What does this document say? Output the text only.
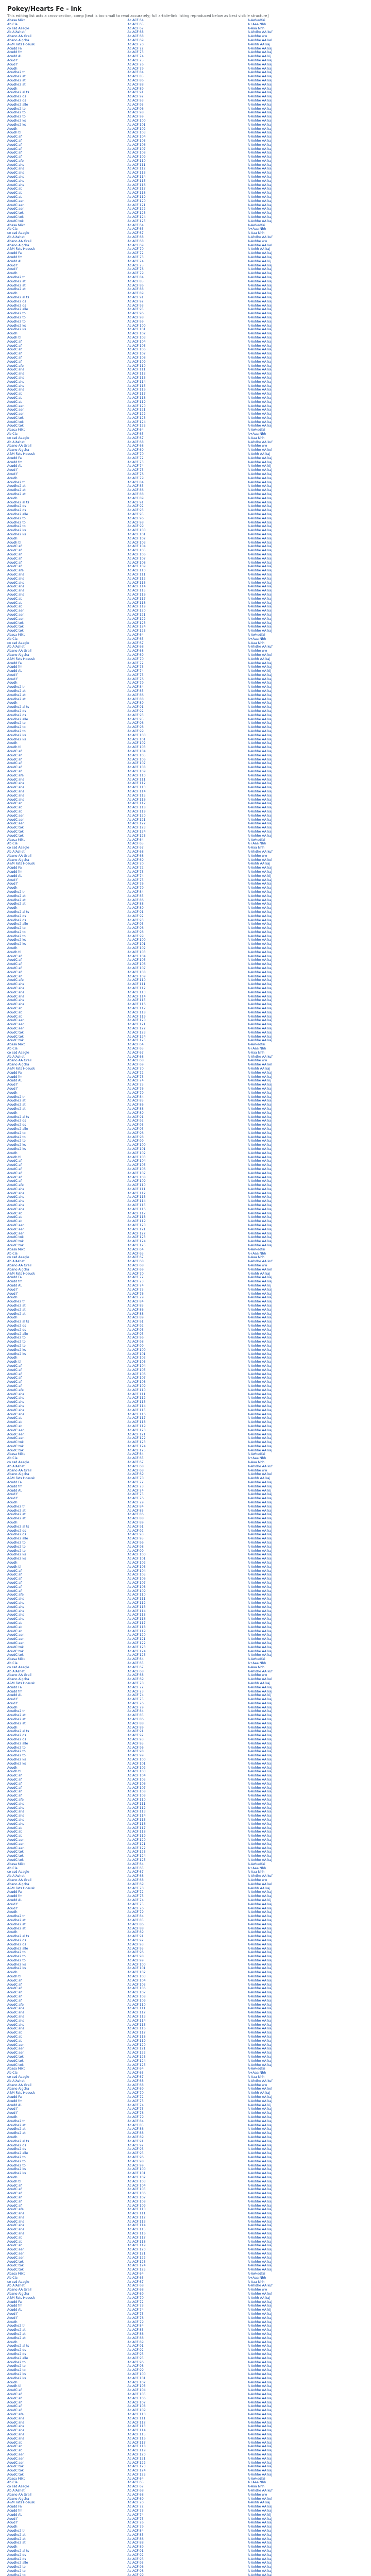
Pokey/Hearts Fe - ink
This editing list acts a cross-section, comp [text is too small to read accurately; full article-link listing reproduced below as best visible structure]
Abasa Mikt
Ab Cla
co ssd Aeagle
Ab A'Ashet
Abano AA Grail
Abano Aigcha
A&M Fats Hoeusk
Acudd Fa
Acudd fm
Acudd AL
Aoud f
Aoud f
Aoudh
Aoudhe2 tr
Aoudhe2 at
Aoudhe2 at
Aoudhe2 at
Aoudh
Aoudhe2 al ts
Aoudhe2 ds
Aoudhe2 ds
Aoudhe2 alle
Aoudhe2 to
Aoudhe2 to
Aoudhe2 to
Aoudhe2 ks
Aoudhe2 ks
Aoudh
Aoudh tl
AoudC af
AoudC af
AoudC af
AoudC af
AoudC af
AoudC af
AoudC afe
AoudC ahs
AoudC ahs
AoudC ahs
AoudC ahs
AoudC ahs
AoudC ahs
AoudC at
AoudC at
AoudC at
AoudC aen
AoudC aen
AoudC aen
AoudC tok
AoudC tok
AoudC tok
Abasa Mikt
Ab Cla
co ssd Aeagle
Ab A'Ashet
Abano AA Grail
Abano Aigcha
A&M Fats Hoeusk
Acudd Fa
Acudd fm
Acudd AL
Aoud f
Aoud f
Aoudh
Aoudhe2 tr
Aoudhe2 at
Aoudhe2 at
Aoudhe2 at
Aoudh
Aoudhe2 al ts
Aoudhe2 ds
Aoudhe2 ds
Aoudhe2 alle
Aoudhe2 to
Aoudhe2 to
Aoudhe2 to
Aoudhe2 ks
Aoudhe2 ks
Aoudh
Aoudh tl
AoudC af
AoudC af
AoudC af
AoudC af
AoudC af
AoudC af
AoudC afe
AoudC ahs
AoudC ahs
AoudC ahs
AoudC ahs
AoudC ahs
AoudC ahs
AoudC at
AoudC at
AoudC at
AoudC aen
AoudC aen
AoudC aen
AoudC tok
AoudC tok
AoudC tok
Abasa Mikt
Ab Cla
co ssd Aeagle
Ab A'Ashet
Abano AA Grail
Abano Aigcha
A&M Fats Hoeusk
Acudd Fa
Acudd fm
Acudd AL
Aoud f
Aoud f
Aoudh
Aoudhe2 tr
Aoudhe2 at
Aoudhe2 at
Aoudhe2 at
Aoudh
Aoudhe2 al ts
Aoudhe2 ds
Aoudhe2 ds
Aoudhe2 alle
Aoudhe2 to
Aoudhe2 to
Aoudhe2 to
Aoudhe2 ks
Aoudhe2 ks
Aoudh
Aoudh tl
AoudC af
AoudC af
AoudC af
AoudC af
AoudC af
AoudC af
AoudC afe
AoudC ahs
AoudC ahs
AoudC ahs
AoudC ahs
AoudC ahs
AoudC ahs
AoudC at
AoudC at
AoudC at
AoudC aen
AoudC aen
AoudC aen
AoudC tok
AoudC tok
AoudC tok
Abasa Mikt
Ab Cla
co ssd Aeagle
Ab A'Ashet
Abano AA Grail
Abano Aigcha
A&M Fats Hoeusk
Acudd Fa
Acudd fm
Acudd AL
Aoud f
Aoud f
Aoudh
Aoudhe2 tr
Aoudhe2 at
Aoudhe2 at
Aoudhe2 at
Aoudh
Aoudhe2 al ts
Aoudhe2 ds
Aoudhe2 ds
Aoudhe2 alle
Aoudhe2 to
Aoudhe2 to
Aoudhe2 to
Aoudhe2 ks
Aoudhe2 ks
Aoudh
Aoudh tl
AoudC af
AoudC af
AoudC af
AoudC af
AoudC af
AoudC af
AoudC afe
AoudC ahs
AoudC ahs
AoudC ahs
AoudC ahs
AoudC ahs
AoudC ahs
AoudC at
AoudC at
AoudC at
AoudC aen
AoudC aen
AoudC aen
AoudC tok
AoudC tok
AoudC tok
Abasa Mikt
Ab Cla
co ssd Aeagle
Ab A'Ashet
Abano AA Grail
Abano Aigcha
A&M Fats Hoeusk
Acudd Fa
Acudd fm
Acudd AL
Aoud f
Aoud f
Aoudh
Aoudhe2 tr
Aoudhe2 at
Aoudhe2 at
Aoudhe2 at
Aoudh
Aoudhe2 al ts
Aoudhe2 ds
Aoudhe2 ds
Aoudhe2 alle
Aoudhe2 to
Aoudhe2 to
Aoudhe2 to
Aoudhe2 ks
Aoudhe2 ks
Aoudh
Aoudh tl
AoudC af
AoudC af
AoudC af
AoudC af
AoudC af
AoudC af
AoudC afe
AoudC ahs
AoudC ahs
AoudC ahs
AoudC ahs
AoudC ahs
AoudC ahs
AoudC at
AoudC at
AoudC at
AoudC aen
AoudC aen
AoudC aen
AoudC tok
AoudC tok
AoudC tok
Abasa Mikt
Ab Cla
co ssd Aeagle
Ab A'Ashet
Abano AA Grail
Abano Aigcha
A&M Fats Hoeusk
Acudd Fa
Acudd fm
Acudd AL
Aoud f
Aoud f
Aoudh
Aoudhe2 tr
Aoudhe2 at
Aoudhe2 at
Aoudhe2 at
Aoudh
Aoudhe2 al ts
Aoudhe2 ds
Aoudhe2 ds
Aoudhe2 alle
Aoudhe2 to
Aoudhe2 to
Aoudhe2 to
Aoudhe2 ks
Aoudhe2 ks
Aoudh
Aoudh tl
AoudC af
AoudC af
AoudC af
AoudC af
AoudC af
AoudC af
AoudC afe
AoudC ahs
AoudC ahs
AoudC ahs
AoudC ahs
AoudC ahs
AoudC ahs
AoudC at
AoudC at
AoudC at
AoudC aen
AoudC aen
AoudC aen
AoudC tok
AoudC tok
AoudC tok
Abasa Mikt
Ab Cla
co ssd Aeagle
Ab A'Ashet
Abano AA Grail
Abano Aigcha
A&M Fats Hoeusk
Acudd Fa
Acudd fm
Acudd AL
Aoud f
Aoud f
Aoudh
Aoudhe2 tr
Aoudhe2 at
Aoudhe2 at
Aoudhe2 at
Aoudh
Aoudhe2 al ts
Aoudhe2 ds
Aoudhe2 ds
Aoudhe2 alle
Aoudhe2 to
Aoudhe2 to
Aoudhe2 to
Aoudhe2 ks
Aoudhe2 ks
Aoudh
Aoudh tl
AoudC af
AoudC af
AoudC af
AoudC af
AoudC af
AoudC af
AoudC afe
AoudC ahs
AoudC ahs
AoudC ahs
AoudC ahs
AoudC ahs
AoudC ahs
AoudC at
AoudC at
AoudC at
AoudC aen
AoudC aen
AoudC aen
AoudC tok
AoudC tok
AoudC tok
Abasa Mikt
Ab Cla
co ssd Aeagle
Ab A'Ashet
Abano AA Grail
Abano Aigcha
A&M Fats Hoeusk
Acudd Fa
Acudd fm
Acudd AL
Aoud f
Aoud f
Aoudh
Aoudhe2 tr
Aoudhe2 at
Aoudhe2 at
Aoudhe2 at
Aoudh
Aoudhe2 al ts
Aoudhe2 ds
Aoudhe2 ds
Aoudhe2 alle
Aoudhe2 to
Aoudhe2 to
Aoudhe2 to
Aoudhe2 ks
Aoudhe2 ks
Aoudh
Aoudh tl
AoudC af
AoudC af
AoudC af
AoudC af
AoudC af
AoudC af
AoudC afe
AoudC ahs
AoudC ahs
AoudC ahs
AoudC ahs
AoudC ahs
AoudC ahs
AoudC at
AoudC at
AoudC at
AoudC aen
AoudC aen
AoudC aen
AoudC tok
AoudC tok
AoudC tok
Abasa Mikt
Ab Cla
co ssd Aeagle
Ab A'Ashet
Abano AA Grail
Abano Aigcha
A&M Fats Hoeusk
Acudd Fa
Acudd fm
Acudd AL
Aoud f
Aoud f
Aoudh
Aoudhe2 tr
Aoudhe2 at
Aoudhe2 at
Aoudhe2 at
Aoudh
Aoudhe2 al ts
Aoudhe2 ds
Aoudhe2 ds
Aoudhe2 alle
Aoudhe2 to
Aoudhe2 to
Aoudhe2 to
Aoudhe2 ks
Aoudhe2 ks
Aoudh
Aoudh tl
AoudC af
AoudC af
AoudC af
AoudC af
AoudC af
AoudC af
AoudC afe
AoudC ahs
AoudC ahs
AoudC ahs
AoudC ahs
AoudC ahs
AoudC ahs
AoudC at
AoudC at
AoudC at
AoudC aen
AoudC aen
AoudC aen
AoudC tok
AoudC tok
AoudC tok
Abasa Mikt
Ab Cla
co ssd Aeagle
Ab A'Ashet
Abano AA Grail
Abano Aigcha
A&M Fats Hoeusk
Acudd Fa
Acudd fm
Acudd AL
Aoud f
Aoud f
Aoudh
Aoudhe2 tr
Aoudhe2 at
Aoudhe2 at
Aoudhe2 at
Aoudh
Aoudhe2 al ts
Aoudhe2 ds
Aoudhe2 ds
Aoudhe2 alle
Aoudhe2 to
Aoudhe2 to
Aoudhe2 to
Aoudhe2 ks
Aoudhe2 ks
Aoudh
Aoudh tl
AoudC af
AoudC af
AoudC af
AoudC af
AoudC af
AoudC af
AoudC afe
AoudC ahs
AoudC ahs
AoudC ahs
AoudC ahs
AoudC ahs
AoudC ahs
AoudC at
AoudC at
AoudC at
AoudC aen
AoudC aen
AoudC aen
AoudC tok
AoudC tok
AoudC tok
Abasa Mikt
Ab Cla
co ssd Aeagle
Ab A'Ashet
Abano AA Grail
Abano Aigcha
A&M Fats Hoeusk
Acudd Fa
Acudd fm
Acudd AL
Aoud f
Aoud f
Aoudh
Aoudhe2 tr
Aoudhe2 at
Aoudhe2 at
Aoudhe2 at
Aoudh
Aoudhe2 al ts
Aoudhe2 ds
Aoudhe2 ds
Aoudhe2 alle
Aoudhe2 to
Aoudhe2 to
Aoudhe2 to
Aoudhe2 ks
Aoudhe2 ks
Aoudh
Aoudh tl
AoudC af
AoudC af
AoudC af
AoudC af
AoudC af
AoudC af
AoudC afe
AoudC ahs
AoudC ahs
AoudC ahs
AoudC ahs
AoudC ahs
AoudC ahs
AoudC at
AoudC at
AoudC at
AoudC aen
AoudC aen
AoudC aen
AoudC tok
AoudC tok
AoudC tok
Abasa Mikt
Ab Cla
co ssd Aeagle
Ab A'Ashet
Abano AA Grail
Abano Aigcha
A&M Fats Hoeusk
Acudd Fa
Acudd fm
Acudd AL
Aoud f
Aoud f
Aoudh
Aoudhe2 tr
Aoudhe2 at
Aoudhe2 at
Aoudhe2 at
Aoudh
Aoudhe2 al ts
Aoudhe2 ds
Aoudhe2 ds
Aoudhe2 alle
Aoudhe2 to
Aoudhe2 to
Aoudhe2 to
Aoudhe2 ks
Aoudhe2 ks
Aoudh
Aoudh tl
AoudC af
AoudC af
AoudC af
AoudC af
AoudC af
AoudC af
AoudC afe
AoudC ahs
AoudC ahs
AoudC ahs
AoudC ahs
AoudC ahs
AoudC ahs
AoudC at
AoudC at
AoudC at
AoudC aen
AoudC aen
AoudC aen
AoudC tok
AoudC tok
AoudC tok
Abasa Mikt
Ab Cla
co ssd Aeagle
Ab A'Ashet
Abano AA Grail
Abano Aigcha
A&M Fats Hoeusk
Acudd Fa
Acudd fm
Acudd AL
Aoud f
Aoud f
Aoudh
Aoudhe2 tr
Aoudhe2 at
Aoudhe2 at
Aoudhe2 at
Aoudh
Aoudhe2 al ts
Aoudhe2 ds
Aoudhe2 ds
Aoudhe2 alle
Aoudhe2 to
Aoudhe2 to
Aoudhe2 to
Ac ACF 64
Ac ACF 65
Ac ACF 67
Ac ACF 68
Ac ACF 68
Ac ACF 69
Ac ACF 70
Ac ACF 72
Ac ACF 73
Ac ACF 74
Ac ACF 75
Ac ACF 76
Ac ACF 79
Ac ACF 84
Ac ACF 85
Ac ACF 86
Ac ACF 88
Ac ACF 89
Ac ACF 91
Ac ACF 92
Ac ACF 93
Ac ACF 95
Ac ACF 96
Ac ACF 98
Ac ACF 99
Ac ACF 100
Ac ACF 101
Ac ACF 102
Ac ACF 103
Ac ACF 104
Ac ACF 105
Ac ACF 106
Ac ACF 107
Ac ACF 108
Ac ACF 109
Ac ACF 110
Ac ACF 111
Ac ACF 112
Ac ACF 113
Ac ACF 114
Ac ACF 115
Ac ACF 116
Ac ACF 117
Ac ACF 118
Ac ACF 119
Ac ACF 120
Ac ACF 121
Ac ACF 122
Ac ACF 123
Ac ACF 124
Ac ACF 125
Ac ACF 64
Ac ACF 65
Ac ACF 67
Ac ACF 68
Ac ACF 68
Ac ACF 69
Ac ACF 70
Ac ACF 72
Ac ACF 73
Ac ACF 74
Ac ACF 75
Ac ACF 76
Ac ACF 79
Ac ACF 84
Ac ACF 85
Ac ACF 86
Ac ACF 88
Ac ACF 89
Ac ACF 91
Ac ACF 92
Ac ACF 93
Ac ACF 95
Ac ACF 96
Ac ACF 98
Ac ACF 99
Ac ACF 100
Ac ACF 101
Ac ACF 102
Ac ACF 103
Ac ACF 104
Ac ACF 105
Ac ACF 106
Ac ACF 107
Ac ACF 108
Ac ACF 109
Ac ACF 110
Ac ACF 111
Ac ACF 112
Ac ACF 113
Ac ACF 114
Ac ACF 115
Ac ACF 116
Ac ACF 117
Ac ACF 118
Ac ACF 119
Ac ACF 120
Ac ACF 121
Ac ACF 122
Ac ACF 123
Ac ACF 124
Ac ACF 125
Ac ACF 64
Ac ACF 65
Ac ACF 67
Ac ACF 68
Ac ACF 68
Ac ACF 69
Ac ACF 70
Ac ACF 72
Ac ACF 73
Ac ACF 74
Ac ACF 75
Ac ACF 76
Ac ACF 79
Ac ACF 84
Ac ACF 85
Ac ACF 86
Ac ACF 88
Ac ACF 89
Ac ACF 91
Ac ACF 92
Ac ACF 93
Ac ACF 95
Ac ACF 96
Ac ACF 98
Ac ACF 99
Ac ACF 100
Ac ACF 101
Ac ACF 102
Ac ACF 103
Ac ACF 104
Ac ACF 105
Ac ACF 106
Ac ACF 107
Ac ACF 108
Ac ACF 109
Ac ACF 110
Ac ACF 111
Ac ACF 112
Ac ACF 113
Ac ACF 114
Ac ACF 115
Ac ACF 116
Ac ACF 117
Ac ACF 118
Ac ACF 119
Ac ACF 120
Ac ACF 121
Ac ACF 122
Ac ACF 123
Ac ACF 124
Ac ACF 125
Ac ACF 64
Ac ACF 65
Ac ACF 67
Ac ACF 68
Ac ACF 68
Ac ACF 69
Ac ACF 70
Ac ACF 72
Ac ACF 73
Ac ACF 74
Ac ACF 75
Ac ACF 76
Ac ACF 79
Ac ACF 84
Ac ACF 85
Ac ACF 86
Ac ACF 88
Ac ACF 89
Ac ACF 91
Ac ACF 92
Ac ACF 93
Ac ACF 95
Ac ACF 96
Ac ACF 98
Ac ACF 99
Ac ACF 100
Ac ACF 101
Ac ACF 102
Ac ACF 103
Ac ACF 104
Ac ACF 105
Ac ACF 106
Ac ACF 107
Ac ACF 108
Ac ACF 109
Ac ACF 110
Ac ACF 111
Ac ACF 112
Ac ACF 113
Ac ACF 114
Ac ACF 115
Ac ACF 116
Ac ACF 117
Ac ACF 118
Ac ACF 119
Ac ACF 120
Ac ACF 121
Ac ACF 122
Ac ACF 123
Ac ACF 124
Ac ACF 125
Ac ACF 64
Ac ACF 65
Ac ACF 67
Ac ACF 68
Ac ACF 68
Ac ACF 69
Ac ACF 70
Ac ACF 72
Ac ACF 73
Ac ACF 74
Ac ACF 75
Ac ACF 76
Ac ACF 79
Ac ACF 84
Ac ACF 85
Ac ACF 86
Ac ACF 88
Ac ACF 89
Ac ACF 91
Ac ACF 92
Ac ACF 93
Ac ACF 95
Ac ACF 96
Ac ACF 98
Ac ACF 99
Ac ACF 100
Ac ACF 101
Ac ACF 102
Ac ACF 103
Ac ACF 104
Ac ACF 105
Ac ACF 106
Ac ACF 107
Ac ACF 108
Ac ACF 109
Ac ACF 110
Ac ACF 111
Ac ACF 112
Ac ACF 113
Ac ACF 114
Ac ACF 115
Ac ACF 116
Ac ACF 117
Ac ACF 118
Ac ACF 119
Ac ACF 120
Ac ACF 121
Ac ACF 122
Ac ACF 123
Ac ACF 124
Ac ACF 125
Ac ACF 64
Ac ACF 65
Ac ACF 67
Ac ACF 68
Ac ACF 68
Ac ACF 69
Ac ACF 70
Ac ACF 72
Ac ACF 73
Ac ACF 74
Ac ACF 75
Ac ACF 76
Ac ACF 79
Ac ACF 84
Ac ACF 85
Ac ACF 86
Ac ACF 88
Ac ACF 89
Ac ACF 91
Ac ACF 92
Ac ACF 93
Ac ACF 95
Ac ACF 96
Ac ACF 98
Ac ACF 99
Ac ACF 100
Ac ACF 101
Ac ACF 102
Ac ACF 103
Ac ACF 104
Ac ACF 105
Ac ACF 106
Ac ACF 107
Ac ACF 108
Ac ACF 109
Ac ACF 110
Ac ACF 111
Ac ACF 112
Ac ACF 113
Ac ACF 114
Ac ACF 115
Ac ACF 116
Ac ACF 117
Ac ACF 118
Ac ACF 119
Ac ACF 120
Ac ACF 121
Ac ACF 122
Ac ACF 123
Ac ACF 124
Ac ACF 125
Ac ACF 64
Ac ACF 65
Ac ACF 67
Ac ACF 68
Ac ACF 68
Ac ACF 69
Ac ACF 70
Ac ACF 72
Ac ACF 73
Ac ACF 74
Ac ACF 75
Ac ACF 76
Ac ACF 79
Ac ACF 84
Ac ACF 85
Ac ACF 86
Ac ACF 88
Ac ACF 89
Ac ACF 91
Ac ACF 92
Ac ACF 93
Ac ACF 95
Ac ACF 96
Ac ACF 98
Ac ACF 99
Ac ACF 100
Ac ACF 101
Ac ACF 102
Ac ACF 103
Ac ACF 104
Ac ACF 105
Ac ACF 106
Ac ACF 107
Ac ACF 108
Ac ACF 109
Ac ACF 110
Ac ACF 111
Ac ACF 112
Ac ACF 113
Ac ACF 114
Ac ACF 115
Ac ACF 116
Ac ACF 117
Ac ACF 118
Ac ACF 119
Ac ACF 120
Ac ACF 121
Ac ACF 122
Ac ACF 123
Ac ACF 124
Ac ACF 125
Ac ACF 64
Ac ACF 65
Ac ACF 67
Ac ACF 68
Ac ACF 68
Ac ACF 69
Ac ACF 70
Ac ACF 72
Ac ACF 73
Ac ACF 74
Ac ACF 75
Ac ACF 76
Ac ACF 79
Ac ACF 84
Ac ACF 85
Ac ACF 86
Ac ACF 88
Ac ACF 89
Ac ACF 91
Ac ACF 92
Ac ACF 93
Ac ACF 95
Ac ACF 96
Ac ACF 98
Ac ACF 99
Ac ACF 100
Ac ACF 101
Ac ACF 102
Ac ACF 103
Ac ACF 104
Ac ACF 105
Ac ACF 106
Ac ACF 107
Ac ACF 108
Ac ACF 109
Ac ACF 110
Ac ACF 111
Ac ACF 112
Ac ACF 113
Ac ACF 114
Ac ACF 115
Ac ACF 116
Ac ACF 117
Ac ACF 118
Ac ACF 119
Ac ACF 120
Ac ACF 121
Ac ACF 122
Ac ACF 123
Ac ACF 124
Ac ACF 125
Ac ACF 64
Ac ACF 65
Ac ACF 67
Ac ACF 68
Ac ACF 68
Ac ACF 69
Ac ACF 70
Ac ACF 72
Ac ACF 73
Ac ACF 74
Ac ACF 75
Ac ACF 76
Ac ACF 79
Ac ACF 84
Ac ACF 85
Ac ACF 86
Ac ACF 88
Ac ACF 89
Ac ACF 91
Ac ACF 92
Ac ACF 93
Ac ACF 95
Ac ACF 96
Ac ACF 98
Ac ACF 99
Ac ACF 100
Ac ACF 101
Ac ACF 102
Ac ACF 103
Ac ACF 104
Ac ACF 105
Ac ACF 106
Ac ACF 107
Ac ACF 108
Ac ACF 109
Ac ACF 110
Ac ACF 111
Ac ACF 112
Ac ACF 113
Ac ACF 114
Ac ACF 115
Ac ACF 116
Ac ACF 117
Ac ACF 118
Ac ACF 119
Ac ACF 120
Ac ACF 121
Ac ACF 122
Ac ACF 123
Ac ACF 124
Ac ACF 125
Ac ACF 64
Ac ACF 65
Ac ACF 67
Ac ACF 68
Ac ACF 68
Ac ACF 69
Ac ACF 70
Ac ACF 72
Ac ACF 73
Ac ACF 74
Ac ACF 75
Ac ACF 76
Ac ACF 79
Ac ACF 84
Ac ACF 85
Ac ACF 86
Ac ACF 88
Ac ACF 89
Ac ACF 91
Ac ACF 92
Ac ACF 93
Ac ACF 95
Ac ACF 96
Ac ACF 98
Ac ACF 99
Ac ACF 100
Ac ACF 101
Ac ACF 102
Ac ACF 103
Ac ACF 104
Ac ACF 105
Ac ACF 106
Ac ACF 107
Ac ACF 108
Ac ACF 109
Ac ACF 110
Ac ACF 111
Ac ACF 112
Ac ACF 113
Ac ACF 114
Ac ACF 115
Ac ACF 116
Ac ACF 117
Ac ACF 118
Ac ACF 119
Ac ACF 120
Ac ACF 121
Ac ACF 122
Ac ACF 123
Ac ACF 124
Ac ACF 125
Ac ACF 64
Ac ACF 65
Ac ACF 67
Ac ACF 68
Ac ACF 68
Ac ACF 69
Ac ACF 70
Ac ACF 72
Ac ACF 73
Ac ACF 74
Ac ACF 75
Ac ACF 76
Ac ACF 79
Ac ACF 84
Ac ACF 85
Ac ACF 86
Ac ACF 88
Ac ACF 89
Ac ACF 91
Ac ACF 92
Ac ACF 93
Ac ACF 95
Ac ACF 96
Ac ACF 98
Ac ACF 99
Ac ACF 100
Ac ACF 101
Ac ACF 102
Ac ACF 103
Ac ACF 104
Ac ACF 105
Ac ACF 106
Ac ACF 107
Ac ACF 108
Ac ACF 109
Ac ACF 110
Ac ACF 111
Ac ACF 112
Ac ACF 113
Ac ACF 114
Ac ACF 115
Ac ACF 116
Ac ACF 117
Ac ACF 118
Ac ACF 119
Ac ACF 120
Ac ACF 121
Ac ACF 122
Ac ACF 123
Ac ACF 124
Ac ACF 125
Ac ACF 64
Ac ACF 65
Ac ACF 67
Ac ACF 68
Ac ACF 68
Ac ACF 69
Ac ACF 70
Ac ACF 72
Ac ACF 73
Ac ACF 74
Ac ACF 75
Ac ACF 76
Ac ACF 79
Ac ACF 84
Ac ACF 85
Ac ACF 86
Ac ACF 88
Ac ACF 89
Ac ACF 91
Ac ACF 92
Ac ACF 93
Ac ACF 95
Ac ACF 96
Ac ACF 98
Ac ACF 99
Ac ACF 100
Ac ACF 101
Ac ACF 102
Ac ACF 103
Ac ACF 104
Ac ACF 105
Ac ACF 106
Ac ACF 107
Ac ACF 108
Ac ACF 109
Ac ACF 110
Ac ACF 111
Ac ACF 112
Ac ACF 113
Ac ACF 114
Ac ACF 115
Ac ACF 116
Ac ACF 117
Ac ACF 118
Ac ACF 119
Ac ACF 120
Ac ACF 121
Ac ACF 122
Ac ACF 123
Ac ACF 124
Ac ACF 125
Ac ACF 64
Ac ACF 65
Ac ACF 67
Ac ACF 68
Ac ACF 68
Ac ACF 69
Ac ACF 70
Ac ACF 72
Ac ACF 73
Ac ACF 74
Ac ACF 75
Ac ACF 76
Ac ACF 79
Ac ACF 84
Ac ACF 85
Ac ACF 86
Ac ACF 88
Ac ACF 89
Ac ACF 91
Ac ACF 92
Ac ACF 93
Ac ACF 95
Ac ACF 96
Ac ACF 98
Ac ACF 99
A-Awkedfai
A+Aaa Nhh
A-Aaa Nhh
A-Ahdhe AA kuf
A-Aohhe ww
A-Aohhe AA kel
A-Aohh AA kaj
A-Aohhe AA kaj
A-Aohhe AA kaj
A-Aohhe AA kij
A-Aohhe AA kaj
A-Aohhe AA kaj
A-Aohhe AA kaj
A-Aohhe AA kaj
A-Aohhe AA kaj
A-Aohhe AA kaj
A-Aohhe AA kaj
A-Aohhe AA kaj
A-Aohhe AA kaj
A-Aohhe AA kaj
A-Aohhe AA kaj
A-Aohhe AA kaj
A-Aohhe AA kaj
A-Aohhe AA kaj
A-Aohhe AA kaj
A-Aohhe AA kaj
A-Aohhe AA kaj
A-Aohhe AA kaj
A-Aohhe AA kaj
A-Aohhe AA kaj
A-Aohhe AA kaj
A-Aohhe AA kaj
A-Aohhe AA kaj
A-Aohhe AA kaj
A-Aohhe AA kaj
A-Aohhe AA kaj
A-Aohhe AA kaj
A-Aohhe AA kaj
A-Aohhe AA kaj
A-Aohhe AA kaj
A-Aohhe AA kaj
A-Aohhe AA kaj
A-Aohhe AA kaj
A-Aohhe AA kaj
A-Aohhe AA kaj
A-Aohhe AA kaj
A-Aohhe AA kaj
A-Aohhe AA kaj
A-Aohhe AA kaj
A-Aohhe AA kaj
A-Aohhe AA kaj
A-Awkedfai
A+Aaa Nhh
A-Aaa Nhh
A-Ahdhe AA kuf
A-Aohhe ww
A-Aohhe AA kel
A-Aohh AA kaj
A-Aohhe AA kaj
A-Aohhe AA kaj
A-Aohhe AA kij
A-Aohhe AA kaj
A-Aohhe AA kaj
A-Aohhe AA kaj
A-Aohhe AA kaj
A-Aohhe AA kaj
A-Aohhe AA kaj
A-Aohhe AA kaj
A-Aohhe AA kaj
A-Aohhe AA kaj
A-Aohhe AA kaj
A-Aohhe AA kaj
A-Aohhe AA kaj
A-Aohhe AA kaj
A-Aohhe AA kaj
A-Aohhe AA kaj
A-Aohhe AA kaj
A-Aohhe AA kaj
A-Aohhe AA kaj
A-Aohhe AA kaj
A-Aohhe AA kaj
A-Aohhe AA kaj
A-Aohhe AA kaj
A-Aohhe AA kaj
A-Aohhe AA kaj
A-Aohhe AA kaj
A-Aohhe AA kaj
A-Aohhe AA kaj
A-Aohhe AA kaj
A-Aohhe AA kaj
A-Aohhe AA kaj
A-Aohhe AA kaj
A-Aohhe AA kaj
A-Aohhe AA kaj
A-Aohhe AA kaj
A-Aohhe AA kaj
A-Aohhe AA kaj
A-Aohhe AA kaj
A-Aohhe AA kaj
A-Aohhe AA kaj
A-Aohhe AA kaj
A-Aohhe AA kaj
A-Awkedfai
A+Aaa Nhh
A-Aaa Nhh
A-Ahdhe AA kuf
A-Aohhe ww
A-Aohhe AA kel
A-Aohh AA kaj
A-Aohhe AA kaj
A-Aohhe AA kaj
A-Aohhe AA kij
A-Aohhe AA kaj
A-Aohhe AA kaj
A-Aohhe AA kaj
A-Aohhe AA kaj
A-Aohhe AA kaj
A-Aohhe AA kaj
A-Aohhe AA kaj
A-Aohhe AA kaj
A-Aohhe AA kaj
A-Aohhe AA kaj
A-Aohhe AA kaj
A-Aohhe AA kaj
A-Aohhe AA kaj
A-Aohhe AA kaj
A-Aohhe AA kaj
A-Aohhe AA kaj
A-Aohhe AA kaj
A-Aohhe AA kaj
A-Aohhe AA kaj
A-Aohhe AA kaj
A-Aohhe AA kaj
A-Aohhe AA kaj
A-Aohhe AA kaj
A-Aohhe AA kaj
A-Aohhe AA kaj
A-Aohhe AA kaj
A-Aohhe AA kaj
A-Aohhe AA kaj
A-Aohhe AA kaj
A-Aohhe AA kaj
A-Aohhe AA kaj
A-Aohhe AA kaj
A-Aohhe AA kaj
A-Aohhe AA kaj
A-Aohhe AA kaj
A-Aohhe AA kaj
A-Aohhe AA kaj
A-Aohhe AA kaj
A-Aohhe AA kaj
A-Aohhe AA kaj
A-Aohhe AA kaj
A-Awkedfai
A+Aaa Nhh
A-Aaa Nhh
A-Ahdhe AA kuf
A-Aohhe ww
A-Aohhe AA kel
A-Aohh AA kaj
A-Aohhe AA kaj
A-Aohhe AA kaj
A-Aohhe AA kij
A-Aohhe AA kaj
A-Aohhe AA kaj
A-Aohhe AA kaj
A-Aohhe AA kaj
A-Aohhe AA kaj
A-Aohhe AA kaj
A-Aohhe AA kaj
A-Aohhe AA kaj
A-Aohhe AA kaj
A-Aohhe AA kaj
A-Aohhe AA kaj
A-Aohhe AA kaj
A-Aohhe AA kaj
A-Aohhe AA kaj
A-Aohhe AA kaj
A-Aohhe AA kaj
A-Aohhe AA kaj
A-Aohhe AA kaj
A-Aohhe AA kaj
A-Aohhe AA kaj
A-Aohhe AA kaj
A-Aohhe AA kaj
A-Aohhe AA kaj
A-Aohhe AA kaj
A-Aohhe AA kaj
A-Aohhe AA kaj
A-Aohhe AA kaj
A-Aohhe AA kaj
A-Aohhe AA kaj
A-Aohhe AA kaj
A-Aohhe AA kaj
A-Aohhe AA kaj
A-Aohhe AA kaj
A-Aohhe AA kaj
A-Aohhe AA kaj
A-Aohhe AA kaj
A-Aohhe AA kaj
A-Aohhe AA kaj
A-Aohhe AA kaj
A-Aohhe AA kaj
A-Aohhe AA kaj
A-Awkedfai
A+Aaa Nhh
A-Aaa Nhh
A-Ahdhe AA kuf
A-Aohhe ww
A-Aohhe AA kel
A-Aohh AA kaj
A-Aohhe AA kaj
A-Aohhe AA kaj
A-Aohhe AA kij
A-Aohhe AA kaj
A-Aohhe AA kaj
A-Aohhe AA kaj
A-Aohhe AA kaj
A-Aohhe AA kaj
A-Aohhe AA kaj
A-Aohhe AA kaj
A-Aohhe AA kaj
A-Aohhe AA kaj
A-Aohhe AA kaj
A-Aohhe AA kaj
A-Aohhe AA kaj
A-Aohhe AA kaj
A-Aohhe AA kaj
A-Aohhe AA kaj
A-Aohhe AA kaj
A-Aohhe AA kaj
A-Aohhe AA kaj
A-Aohhe AA kaj
A-Aohhe AA kaj
A-Aohhe AA kaj
A-Aohhe AA kaj
A-Aohhe AA kaj
A-Aohhe AA kaj
A-Aohhe AA kaj
A-Aohhe AA kaj
A-Aohhe AA kaj
A-Aohhe AA kaj
A-Aohhe AA kaj
A-Aohhe AA kaj
A-Aohhe AA kaj
A-Aohhe AA kaj
A-Aohhe AA kaj
A-Aohhe AA kaj
A-Aohhe AA kaj
A-Aohhe AA kaj
A-Aohhe AA kaj
A-Aohhe AA kaj
A-Aohhe AA kaj
A-Aohhe AA kaj
A-Aohhe AA kaj
A-Awkedfai
A+Aaa Nhh
A-Aaa Nhh
A-Ahdhe AA kuf
A-Aohhe ww
A-Aohhe AA kel
A-Aohh AA kaj
A-Aohhe AA kaj
A-Aohhe AA kaj
A-Aohhe AA kij
A-Aohhe AA kaj
A-Aohhe AA kaj
A-Aohhe AA kaj
A-Aohhe AA kaj
A-Aohhe AA kaj
A-Aohhe AA kaj
A-Aohhe AA kaj
A-Aohhe AA kaj
A-Aohhe AA kaj
A-Aohhe AA kaj
A-Aohhe AA kaj
A-Aohhe AA kaj
A-Aohhe AA kaj
A-Aohhe AA kaj
A-Aohhe AA kaj
A-Aohhe AA kaj
A-Aohhe AA kaj
A-Aohhe AA kaj
A-Aohhe AA kaj
A-Aohhe AA kaj
A-Aohhe AA kaj
A-Aohhe AA kaj
A-Aohhe AA kaj
A-Aohhe AA kaj
A-Aohhe AA kaj
A-Aohhe AA kaj
A-Aohhe AA kaj
A-Aohhe AA kaj
A-Aohhe AA kaj
A-Aohhe AA kaj
A-Aohhe AA kaj
A-Aohhe AA kaj
A-Aohhe AA kaj
A-Aohhe AA kaj
A-Aohhe AA kaj
A-Aohhe AA kaj
A-Aohhe AA kaj
A-Aohhe AA kaj
A-Aohhe AA kaj
A-Aohhe AA kaj
A-Aohhe AA kaj
A-Awkedfai
A+Aaa Nhh
A-Aaa Nhh
A-Ahdhe AA kuf
A-Aohhe ww
A-Aohhe AA kel
A-Aohh AA kaj
A-Aohhe AA kaj
A-Aohhe AA kaj
A-Aohhe AA kij
A-Aohhe AA kaj
A-Aohhe AA kaj
A-Aohhe AA kaj
A-Aohhe AA kaj
A-Aohhe AA kaj
A-Aohhe AA kaj
A-Aohhe AA kaj
A-Aohhe AA kaj
A-Aohhe AA kaj
A-Aohhe AA kaj
A-Aohhe AA kaj
A-Aohhe AA kaj
A-Aohhe AA kaj
A-Aohhe AA kaj
A-Aohhe AA kaj
A-Aohhe AA kaj
A-Aohhe AA kaj
A-Aohhe AA kaj
A-Aohhe AA kaj
A-Aohhe AA kaj
A-Aohhe AA kaj
A-Aohhe AA kaj
A-Aohhe AA kaj
A-Aohhe AA kaj
A-Aohhe AA kaj
A-Aohhe AA kaj
A-Aohhe AA kaj
A-Aohhe AA kaj
A-Aohhe AA kaj
A-Aohhe AA kaj
A-Aohhe AA kaj
A-Aohhe AA kaj
A-Aohhe AA kaj
A-Aohhe AA kaj
A-Aohhe AA kaj
A-Aohhe AA kaj
A-Aohhe AA kaj
A-Aohhe AA kaj
A-Aohhe AA kaj
A-Aohhe AA kaj
A-Aohhe AA kaj
A-Awkedfai
A+Aaa Nhh
A-Aaa Nhh
A-Ahdhe AA kuf
A-Aohhe ww
A-Aohhe AA kel
A-Aohh AA kaj
A-Aohhe AA kaj
A-Aohhe AA kaj
A-Aohhe AA kij
A-Aohhe AA kaj
A-Aohhe AA kaj
A-Aohhe AA kaj
A-Aohhe AA kaj
A-Aohhe AA kaj
A-Aohhe AA kaj
A-Aohhe AA kaj
A-Aohhe AA kaj
A-Aohhe AA kaj
A-Aohhe AA kaj
A-Aohhe AA kaj
A-Aohhe AA kaj
A-Aohhe AA kaj
A-Aohhe AA kaj
A-Aohhe AA kaj
A-Aohhe AA kaj
A-Aohhe AA kaj
A-Aohhe AA kaj
A-Aohhe AA kaj
A-Aohhe AA kaj
A-Aohhe AA kaj
A-Aohhe AA kaj
A-Aohhe AA kaj
A-Aohhe AA kaj
A-Aohhe AA kaj
A-Aohhe AA kaj
A-Aohhe AA kaj
A-Aohhe AA kaj
A-Aohhe AA kaj
A-Aohhe AA kaj
A-Aohhe AA kaj
A-Aohhe AA kaj
A-Aohhe AA kaj
A-Aohhe AA kaj
A-Aohhe AA kaj
A-Aohhe AA kaj
A-Aohhe AA kaj
A-Aohhe AA kaj
A-Aohhe AA kaj
A-Aohhe AA kaj
A-Aohhe AA kaj
A-Awkedfai
A+Aaa Nhh
A-Aaa Nhh
A-Ahdhe AA kuf
A-Aohhe ww
A-Aohhe AA kel
A-Aohh AA kaj
A-Aohhe AA kaj
A-Aohhe AA kaj
A-Aohhe AA kij
A-Aohhe AA kaj
A-Aohhe AA kaj
A-Aohhe AA kaj
A-Aohhe AA kaj
A-Aohhe AA kaj
A-Aohhe AA kaj
A-Aohhe AA kaj
A-Aohhe AA kaj
A-Aohhe AA kaj
A-Aohhe AA kaj
A-Aohhe AA kaj
A-Aohhe AA kaj
A-Aohhe AA kaj
A-Aohhe AA kaj
A-Aohhe AA kaj
A-Aohhe AA kaj
A-Aohhe AA kaj
A-Aohhe AA kaj
A-Aohhe AA kaj
A-Aohhe AA kaj
A-Aohhe AA kaj
A-Aohhe AA kaj
A-Aohhe AA kaj
A-Aohhe AA kaj
A-Aohhe AA kaj
A-Aohhe AA kaj
A-Aohhe AA kaj
A-Aohhe AA kaj
A-Aohhe AA kaj
A-Aohhe AA kaj
A-Aohhe AA kaj
A-Aohhe AA kaj
A-Aohhe AA kaj
A-Aohhe AA kaj
A-Aohhe AA kaj
A-Aohhe AA kaj
A-Aohhe AA kaj
A-Aohhe AA kaj
A-Aohhe AA kaj
A-Aohhe AA kaj
A-Aohhe AA kaj
A-Awkedfai
A+Aaa Nhh
A-Aaa Nhh
A-Ahdhe AA kuf
A-Aohhe ww
A-Aohhe AA kel
A-Aohh AA kaj
A-Aohhe AA kaj
A-Aohhe AA kaj
A-Aohhe AA kij
A-Aohhe AA kaj
A-Aohhe AA kaj
A-Aohhe AA kaj
A-Aohhe AA kaj
A-Aohhe AA kaj
A-Aohhe AA kaj
A-Aohhe AA kaj
A-Aohhe AA kaj
A-Aohhe AA kaj
A-Aohhe AA kaj
A-Aohhe AA kaj
A-Aohhe AA kaj
A-Aohhe AA kaj
A-Aohhe AA kaj
A-Aohhe AA kaj
A-Aohhe AA kaj
A-Aohhe AA kaj
A-Aohhe AA kaj
A-Aohhe AA kaj
A-Aohhe AA kaj
A-Aohhe AA kaj
A-Aohhe AA kaj
A-Aohhe AA kaj
A-Aohhe AA kaj
A-Aohhe AA kaj
A-Aohhe AA kaj
A-Aohhe AA kaj
A-Aohhe AA kaj
A-Aohhe AA kaj
A-Aohhe AA kaj
A-Aohhe AA kaj
A-Aohhe AA kaj
A-Aohhe AA kaj
A-Aohhe AA kaj
A-Aohhe AA kaj
A-Aohhe AA kaj
A-Aohhe AA kaj
A-Aohhe AA kaj
A-Aohhe AA kaj
A-Aohhe AA kaj
A-Aohhe AA kaj
A-Awkedfai
A+Aaa Nhh
A-Aaa Nhh
A-Ahdhe AA kuf
A-Aohhe ww
A-Aohhe AA kel
A-Aohh AA kaj
A-Aohhe AA kaj
A-Aohhe AA kaj
A-Aohhe AA kij
A-Aohhe AA kaj
A-Aohhe AA kaj
A-Aohhe AA kaj
A-Aohhe AA kaj
A-Aohhe AA kaj
A-Aohhe AA kaj
A-Aohhe AA kaj
A-Aohhe AA kaj
A-Aohhe AA kaj
A-Aohhe AA kaj
A-Aohhe AA kaj
A-Aohhe AA kaj
A-Aohhe AA kaj
A-Aohhe AA kaj
A-Aohhe AA kaj
A-Aohhe AA kaj
A-Aohhe AA kaj
A-Aohhe AA kaj
A-Aohhe AA kaj
A-Aohhe AA kaj
A-Aohhe AA kaj
A-Aohhe AA kaj
A-Aohhe AA kaj
A-Aohhe AA kaj
A-Aohhe AA kaj
A-Aohhe AA kaj
A-Aohhe AA kaj
A-Aohhe AA kaj
A-Aohhe AA kaj
A-Aohhe AA kaj
A-Aohhe AA kaj
A-Aohhe AA kaj
A-Aohhe AA kaj
A-Aohhe AA kaj
A-Aohhe AA kaj
A-Aohhe AA kaj
A-Aohhe AA kaj
A-Aohhe AA kaj
A-Aohhe AA kaj
A-Aohhe AA kaj
A-Aohhe AA kaj
A-Awkedfai
A+Aaa Nhh
A-Aaa Nhh
A-Ahdhe AA kuf
A-Aohhe ww
A-Aohhe AA kel
A-Aohh AA kaj
A-Aohhe AA kaj
A-Aohhe AA kaj
A-Aohhe AA kij
A-Aohhe AA kaj
A-Aohhe AA kaj
A-Aohhe AA kaj
A-Aohhe AA kaj
A-Aohhe AA kaj
A-Aohhe AA kaj
A-Aohhe AA kaj
A-Aohhe AA kaj
A-Aohhe AA kaj
A-Aohhe AA kaj
A-Aohhe AA kaj
A-Aohhe AA kaj
A-Aohhe AA kaj
A-Aohhe AA kaj
A-Aohhe AA kaj
A-Aohhe AA kaj
A-Aohhe AA kaj
A-Aohhe AA kaj
A-Aohhe AA kaj
A-Aohhe AA kaj
A-Aohhe AA kaj
A-Aohhe AA kaj
A-Aohhe AA kaj
A-Aohhe AA kaj
A-Aohhe AA kaj
A-Aohhe AA kaj
A-Aohhe AA kaj
A-Aohhe AA kaj
A-Aohhe AA kaj
A-Aohhe AA kaj
A-Aohhe AA kaj
A-Aohhe AA kaj
A-Aohhe AA kaj
A-Aohhe AA kaj
A-Aohhe AA kaj
A-Aohhe AA kaj
A-Aohhe AA kaj
A-Aohhe AA kaj
A-Aohhe AA kaj
A-Aohhe AA kaj
A-Aohhe AA kaj
A-Awkedfai
A+Aaa Nhh
A-Aaa Nhh
A-Ahdhe AA kuf
A-Aohhe ww
A-Aohhe AA kel
A-Aohh AA kaj
A-Aohhe AA kaj
A-Aohhe AA kaj
A-Aohhe AA kij
A-Aohhe AA kaj
A-Aohhe AA kaj
A-Aohhe AA kaj
A-Aohhe AA kaj
A-Aohhe AA kaj
A-Aohhe AA kaj
A-Aohhe AA kaj
A-Aohhe AA kaj
A-Aohhe AA kaj
A-Aohhe AA kaj
A-Aohhe AA kaj
A-Aohhe AA kaj
A-Aohhe AA kaj
A-Aohhe AA kaj
A-Aohhe AA kaj
